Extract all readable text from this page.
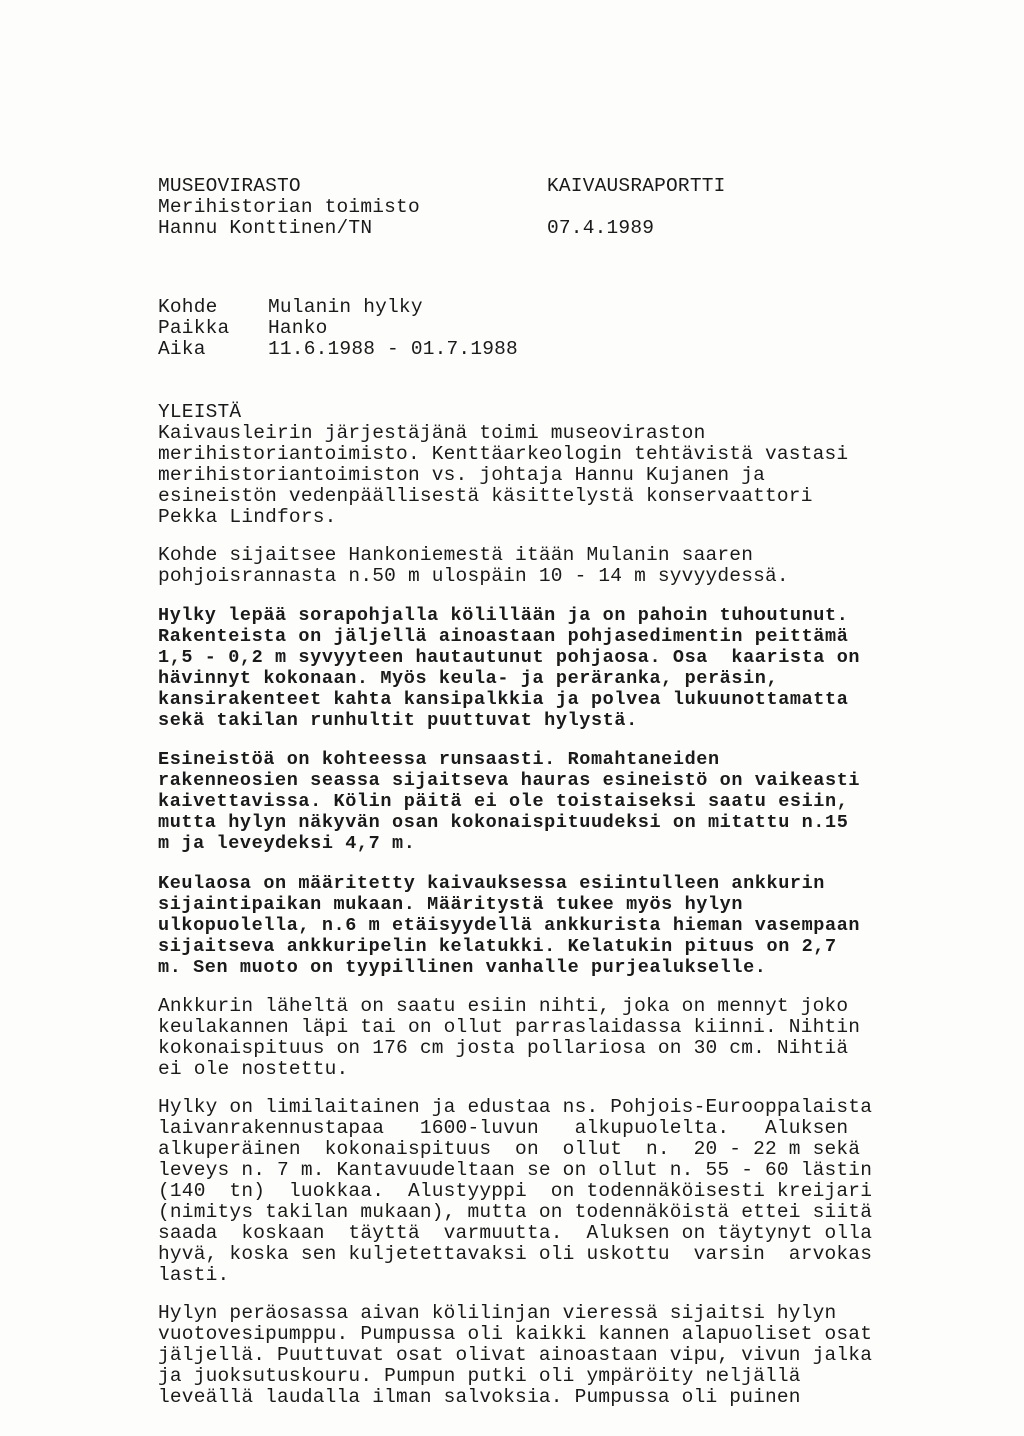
MUSEOVIRASTO
Merihistorian toimisto
Hannu Konttinen/TN
KAIVAUSRAPORTTI
07.4.1989
Kohde	Mulanin hylky
Paikka Hanko
Aika	11.6.1988 - 01.7.1988
YLEISTÄ
Kaivausleirin järjestäjänä toimi museoviraston
merihistoriantoimisto. Kenttäarkeologin tehtävistä vastasi
merihistoriantoimiston vs. johtaja Hannu Kujanen ja
esineistön vedenpäällisestä käsittelystä konservaattori
Pekka Lindfors.
Kohde sijaitsee Hankoniemestä itään Mulanin saaren
pohjoisrannasta n.50 m ulospäin 10 - 14 m syvyydessä.
Hylky lepää sorapohjalla kölillään ja on pahoin tuhoutunut.
Rakenteista on jäljellä ainoastaan pohjasedimentin peittämä
1,5 - 0,2 m syvyyteen hautautunut pohjaosa. Osa  kaarista on
hävinnyt kokonaan. Myös keula- ja peräranka, peräsin,
kansirakenteet kahta kansipalkkia ja polvea lukuunottamatta
sekä takilan runhultit puuttuvat hylystä.
Esineistöä on kohteessa runsaasti. Romahtaneiden
rakenneosien seassa sijaitseva hauras esineistö on vaikeasti
kaivettavissa. Kölin päitä ei ole toistaiseksi saatu esiin,
mutta hylyn näkyvän osan kokonaispituudeksi on mitattu n.15
m ja leveydeksi 4,7 m.
Keulaosa on määritetty kaivauksessa esiintulleen ankkurin
sijaintipaikan mukaan. Määritystä tukee myös hylyn
ulkopuolella, n.6 m etäisyydellä ankkurista hieman vasempaan
sijaitseva ankkuripelin kelatukki. Kelatukin pituus on 2,7
m. Sen muoto on tyypillinen vanhalle purjealukselle.
Ankkurin läheltä on saatu esiin nihti, joka on mennyt joko
keulakannen läpi tai on ollut parraslaidassa kiinni. Nihtin
kokonaispituus on 176 cm josta pollariosa on 30 cm. Nihtiä
ei ole nostettu.
Hylky on limilaitainen ja edustaa ns. Pohjois-Eurooppalaista
laivanrakennustapaa   1600-luvun   alkupuolelta.   Aluksen
alkuperäinen  kokonaispituus  on  ollut  n.  20 - 22 m sekä
leveys n. 7 m. Kantavuudeltaan se on ollut n. 55 - 60 lästin
(140  tn)  luokkaa.  Alustyyppi  on todennäköisesti kreijari
(nimitys takilan mukaan), mutta on todennäköistä ettei siitä
saada  koskaan  täyttä  varmuutta.  Aluksen on täytynyt olla
hyvä, koska sen kuljetettavaksi oli uskottu  varsin  arvokas
lasti.
Hylyn peräosassa aivan kölilinjan vieressä sijaitsi hylyn
vuotovesipumppu. Pumpussa oli kaikki kannen alapuoliset osat
jäljellä. Puuttuvat osat olivat ainoastaan vipu, vivun jalka
ja juoksutuskouru. Pumpun putki oli ympäröity neljällä
leveällä laudalla ilman salvoksia. Pumpussa oli puinen
